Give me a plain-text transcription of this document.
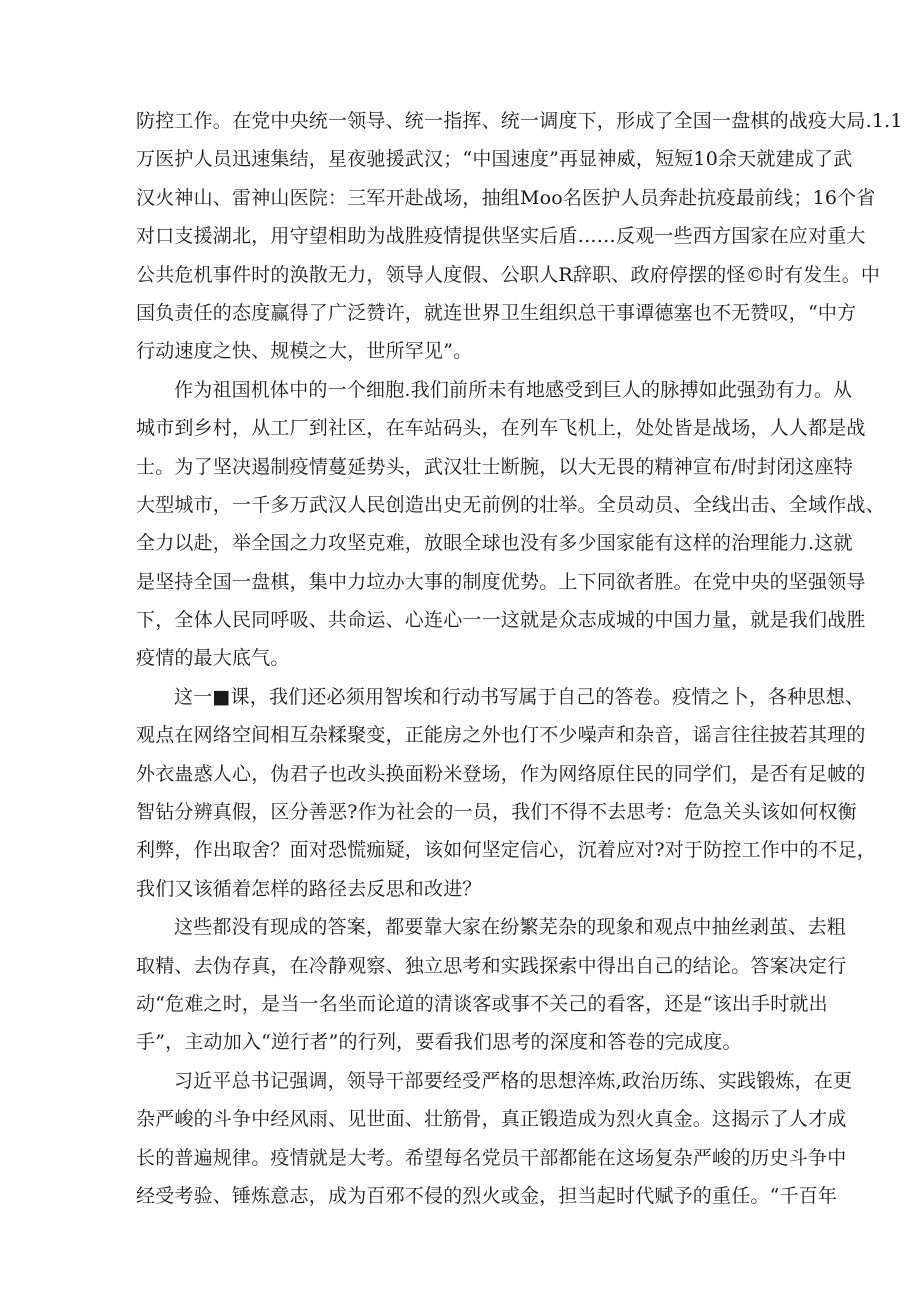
防控工作。在党中央统一领导、统一指挥、统一调度下，形成了全国一盘棋的战疫大局.1.1
万医护人员迅速集结，星夜驰援武汉；“中国速度”再显神威，短短10余天就建成了武
汉火神山、雷神山医院：三军开赴战场，抽组Moo名医护人员奔赴抗疫最前线；16个省
对口支援湖北，用守望相助为战胜疫情提供坚实后盾……反观一些西方国家在应对重大
公共危机事件时的涣散无力，领导人度假、公职人R辞职、政府停摆的怪©时有发生。中
国负责任的态度赢得了广泛赞许，就连世界卫生组织总干事谭德塞也不无赞叹，“中方
行动速度之快、规模之大，世所罕见”。
作为祖国机体中的一个细胞.我们前所未有地感受到巨人的脉搏如此强劲有力。从
城市到乡村，从工厂到社区，在车站码头，在列车飞机上，处处皆是战场，人人都是战
士。为了坚决遏制疫情蔓延势头，武汉壮士断腕，以大无畏的精神宣布/时封闭这座特
大型城市，一千多万武汉人民创造出史无前例的壮举。全员动员、全线出击、全域作战、
全力以赴，举全国之力攻坚克难，放眼全球也没有多少国家能有这样的治理能力.这就
是坚持全国一盘棋，集中力垃办大事的制度优势。上下同欲者胜。在党中央的坚强领导
下，全体人民同呼吸、共命运、心连心一一这就是众志成城的中国力量，就是我们战胜
疫情的最大底气。
这一■课，我们还必须用智埃和行动书写属于自己的答卷。疫情之卜，各种思想、
观点在网络空间相互杂糅聚变，正能房之外也仃不少噪声和杂音，谣言往往披若其理的
外衣蛊惑人心，伪君子也改头换面粉米登场，作为网络原住民的同学们，是否有足帔的
智钻分辨真假，区分善恶?作为社会的一员，我们不得不去思考：危急关头该如何权衡
利弊，作出取舍？面对恐慌痂疑，该如何坚定信心，沉着应对?对于防控工作中的不足，
我们又该循着怎样的路径去反思和改进？
这些都没有现成的答案，都要靠大家在纷繁芜杂的现象和观点中抽丝剥茧、去粗
取精、去伪存真，在冷静观察、独立思考和实践探索中得出自己的结论。答案决定行
动“危难之时，是当一名坐而论道的清谈客或事不关己的看客，还是“该出手时就出
手”，主动加入“逆行者”的行列，要看我们思考的深度和答卷的完成度。
习近平总书记强调，领导干部要经受严格的思想淬炼,政治历练、实践锻炼，在更
杂严峻的斗争中经风雨、见世面、壮筋骨，真正锻造成为烈火真金。这揭示了人才成
长的普遍规律。疫情就是大考。希望每名党员干部都能在这场复杂严峻的历史斗争中
经受考验、锤炼意志，成为百邪不侵的烈火或金，担当起时代赋予的重任。“千百年
